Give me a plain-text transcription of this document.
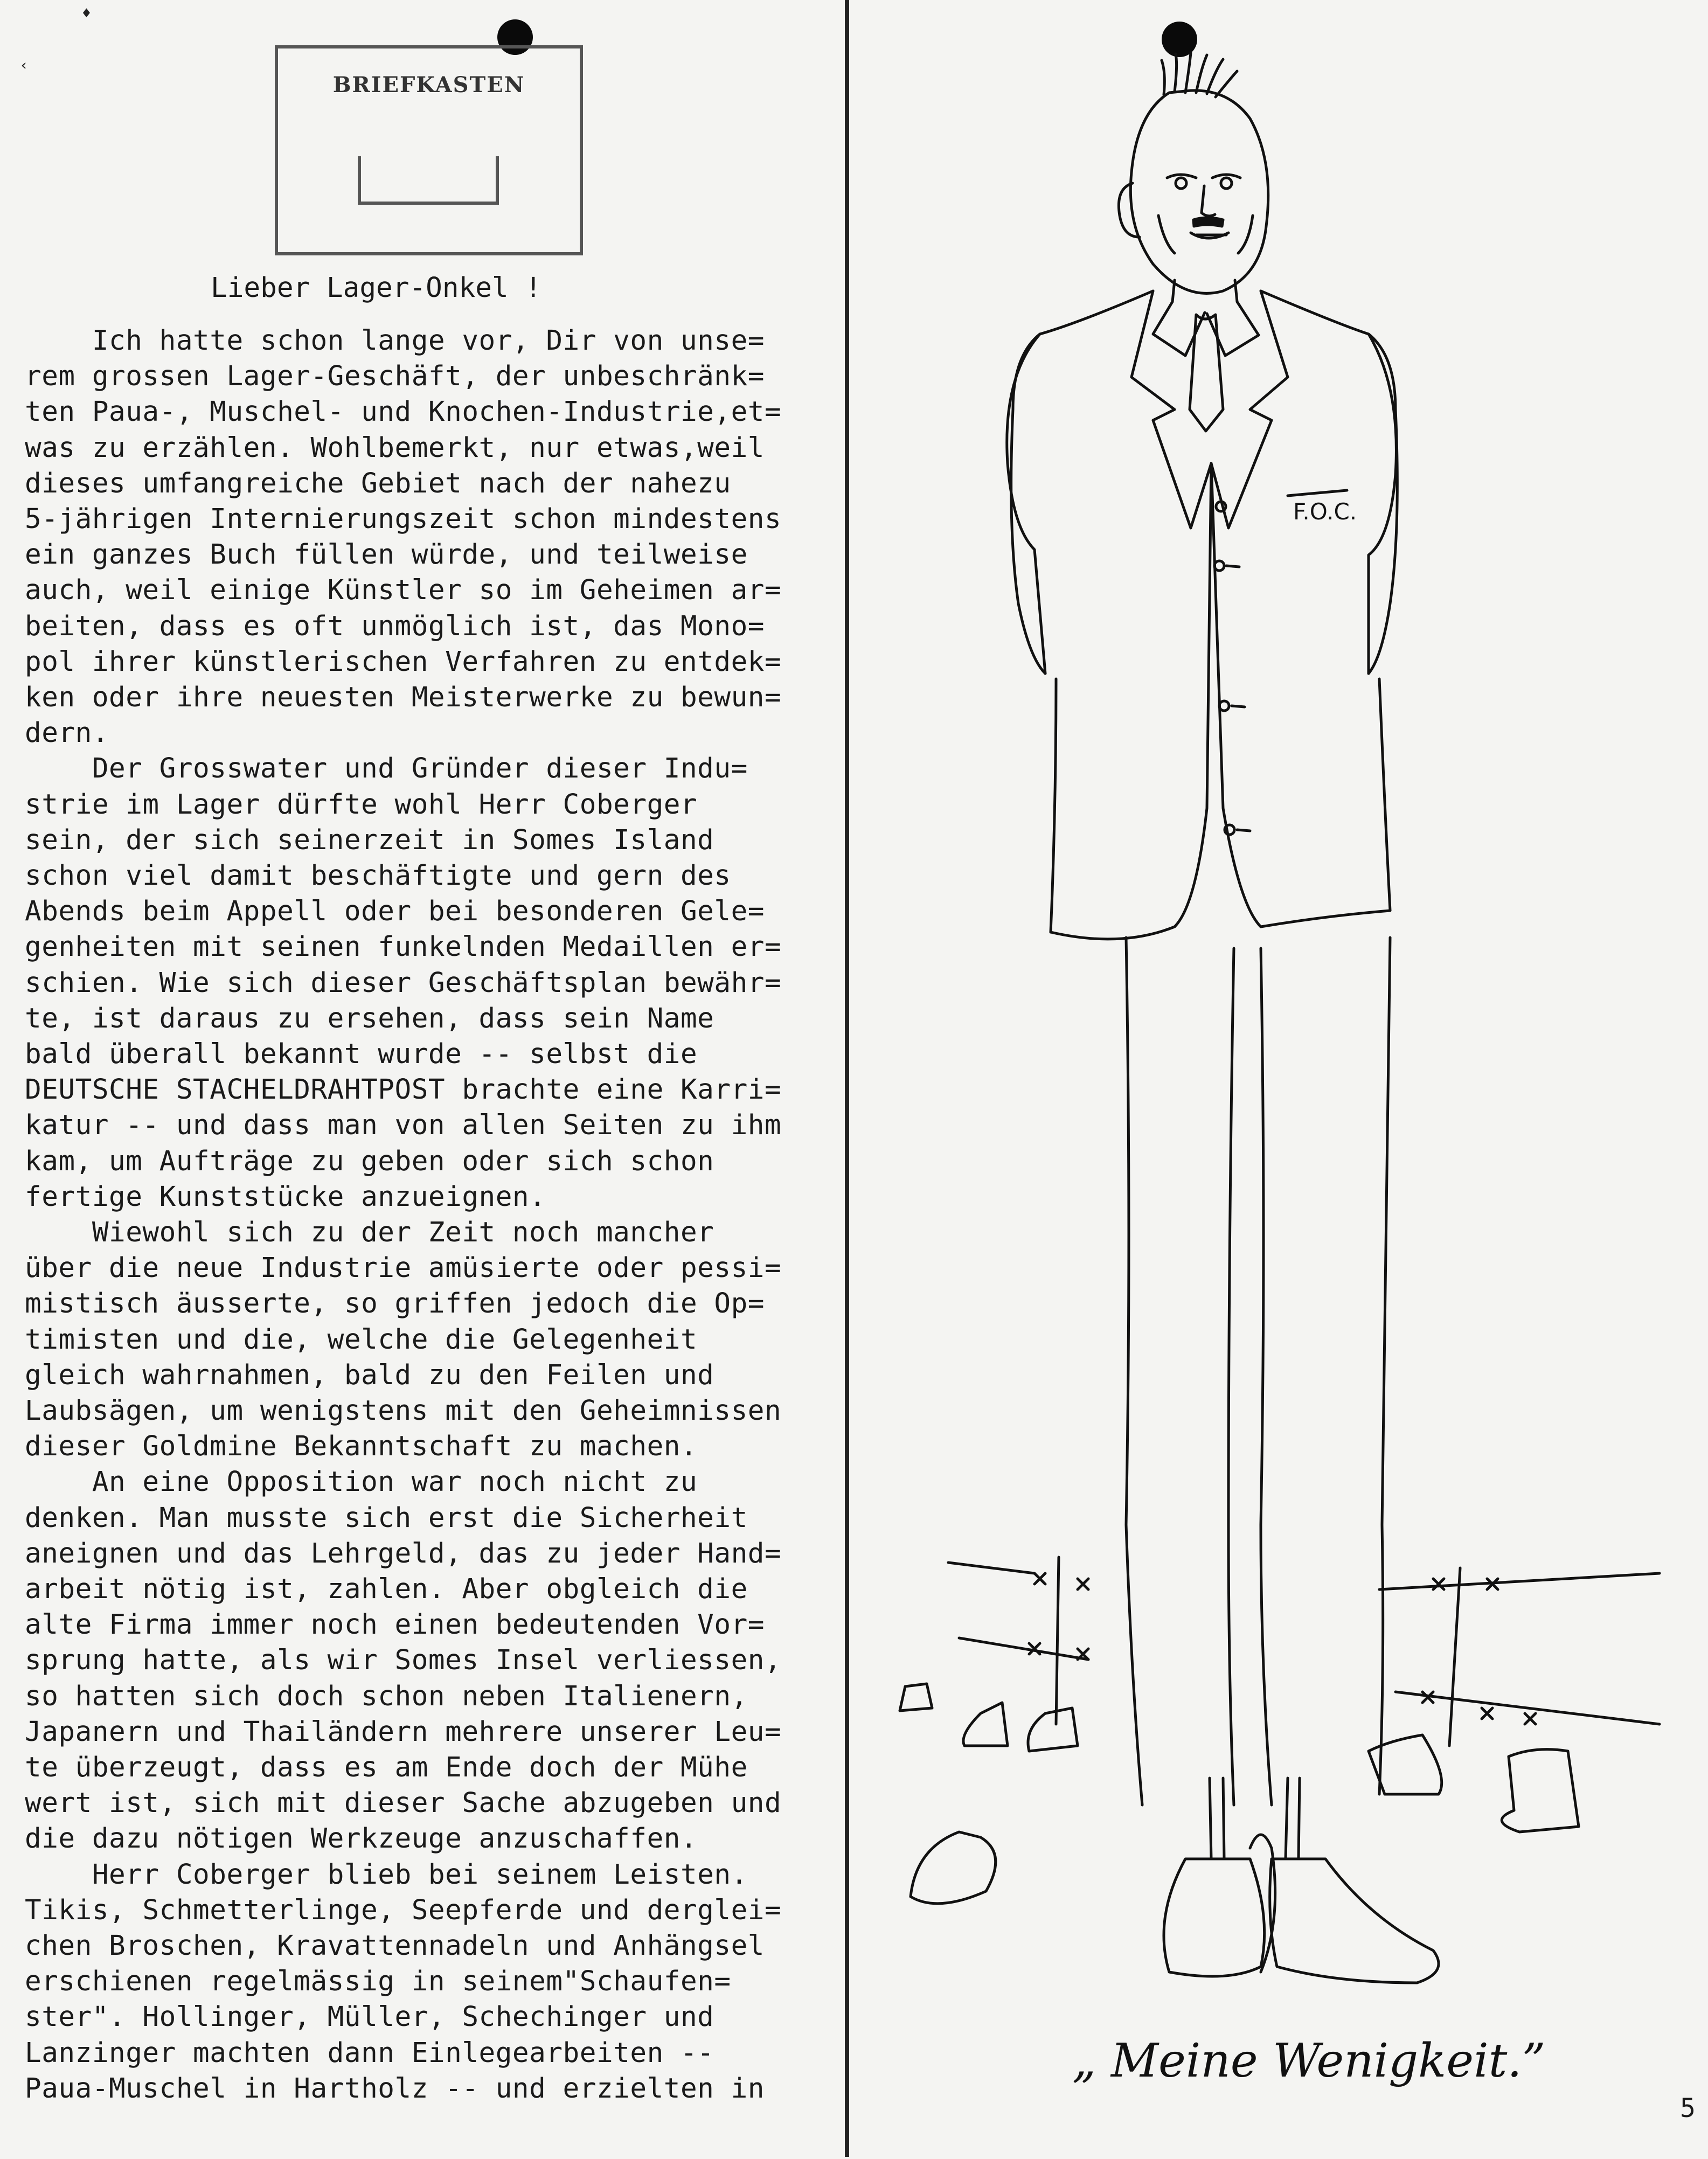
♦
‹
BRIEFKASTEN
Lieber Lager-Onkel !
Ich hatte schon lange vor, Dir von unse=
rem grossen Lager-Geschäft, der unbeschränk=
ten Paua-, Muschel- und Knochen-Industrie,et=
was zu erzählen. Wohlbemerkt, nur etwas,weil
dieses umfangreiche Gebiet nach der nahezu
5-jährigen Internierungszeit schon mindestens
ein ganzes Buch füllen würde, und teilweise
auch, weil einige Künstler so im Geheimen ar=
beiten, dass es oft unmöglich ist, das Mono=
pol ihrer künstlerischen Verfahren zu entdek=
ken oder ihre neuesten Meisterwerke zu bewun=
dern.
Der Grosswater und Gründer dieser Indu=
strie im Lager dürfte wohl Herr Coberger
sein, der sich seinerzeit in Somes Island
schon viel damit beschäftigte und gern des
Abends beim Appell oder bei besonderen Gele=
genheiten mit seinen funkelnden Medaillen er=
schien. Wie sich dieser Geschäftsplan bewähr=
te, ist daraus zu ersehen, dass sein Name
bald überall bekannt wurde -- selbst die
DEUTSCHE STACHELDRAHTPOST brachte eine Karri=
katur -- und dass man von allen Seiten zu ihm
kam, um Aufträge zu geben oder sich schon
fertige Kunststücke anzueignen.
Wiewohl sich zu der Zeit noch mancher
über die neue Industrie amüsierte oder pessi=
mistisch äusserte, so griffen jedoch die Op=
timisten und die, welche die Gelegenheit
gleich wahrnahmen, bald zu den Feilen und
Laubsägen, um wenigstens mit den Geheimnissen
dieser Goldmine Bekanntschaft zu machen.
An eine Opposition war noch nicht zu
denken. Man musste sich erst die Sicherheit
aneignen und das Lehrgeld, das zu jeder Hand=
arbeit nötig ist, zahlen. Aber obgleich die
alte Firma immer noch einen bedeutenden Vor=
sprung hatte, als wir Somes Insel verliessen,
so hatten sich doch schon neben Italienern,
Japanern und Thailändern mehrere unserer Leu=
te überzeugt, dass es am Ende doch der Mühe
wert ist, sich mit dieser Sache abzugeben und
die dazu nötigen Werkzeuge anzuschaffen.
Herr Coberger blieb bei seinem Leisten.
Tikis, Schmetterlinge, Seepferde und derglei=
chen Broschen, Kravattennadeln und Anhängsel
erschienen regelmässig in seinem"Schaufen=
ster". Hollinger, Müller, Schechinger und
Lanzinger machten dann Einlegearbeiten --
Paua-Muschel in Hartholz -- und erzielten in
F.O.C.
„ Meine Wenigkeit.”
5
